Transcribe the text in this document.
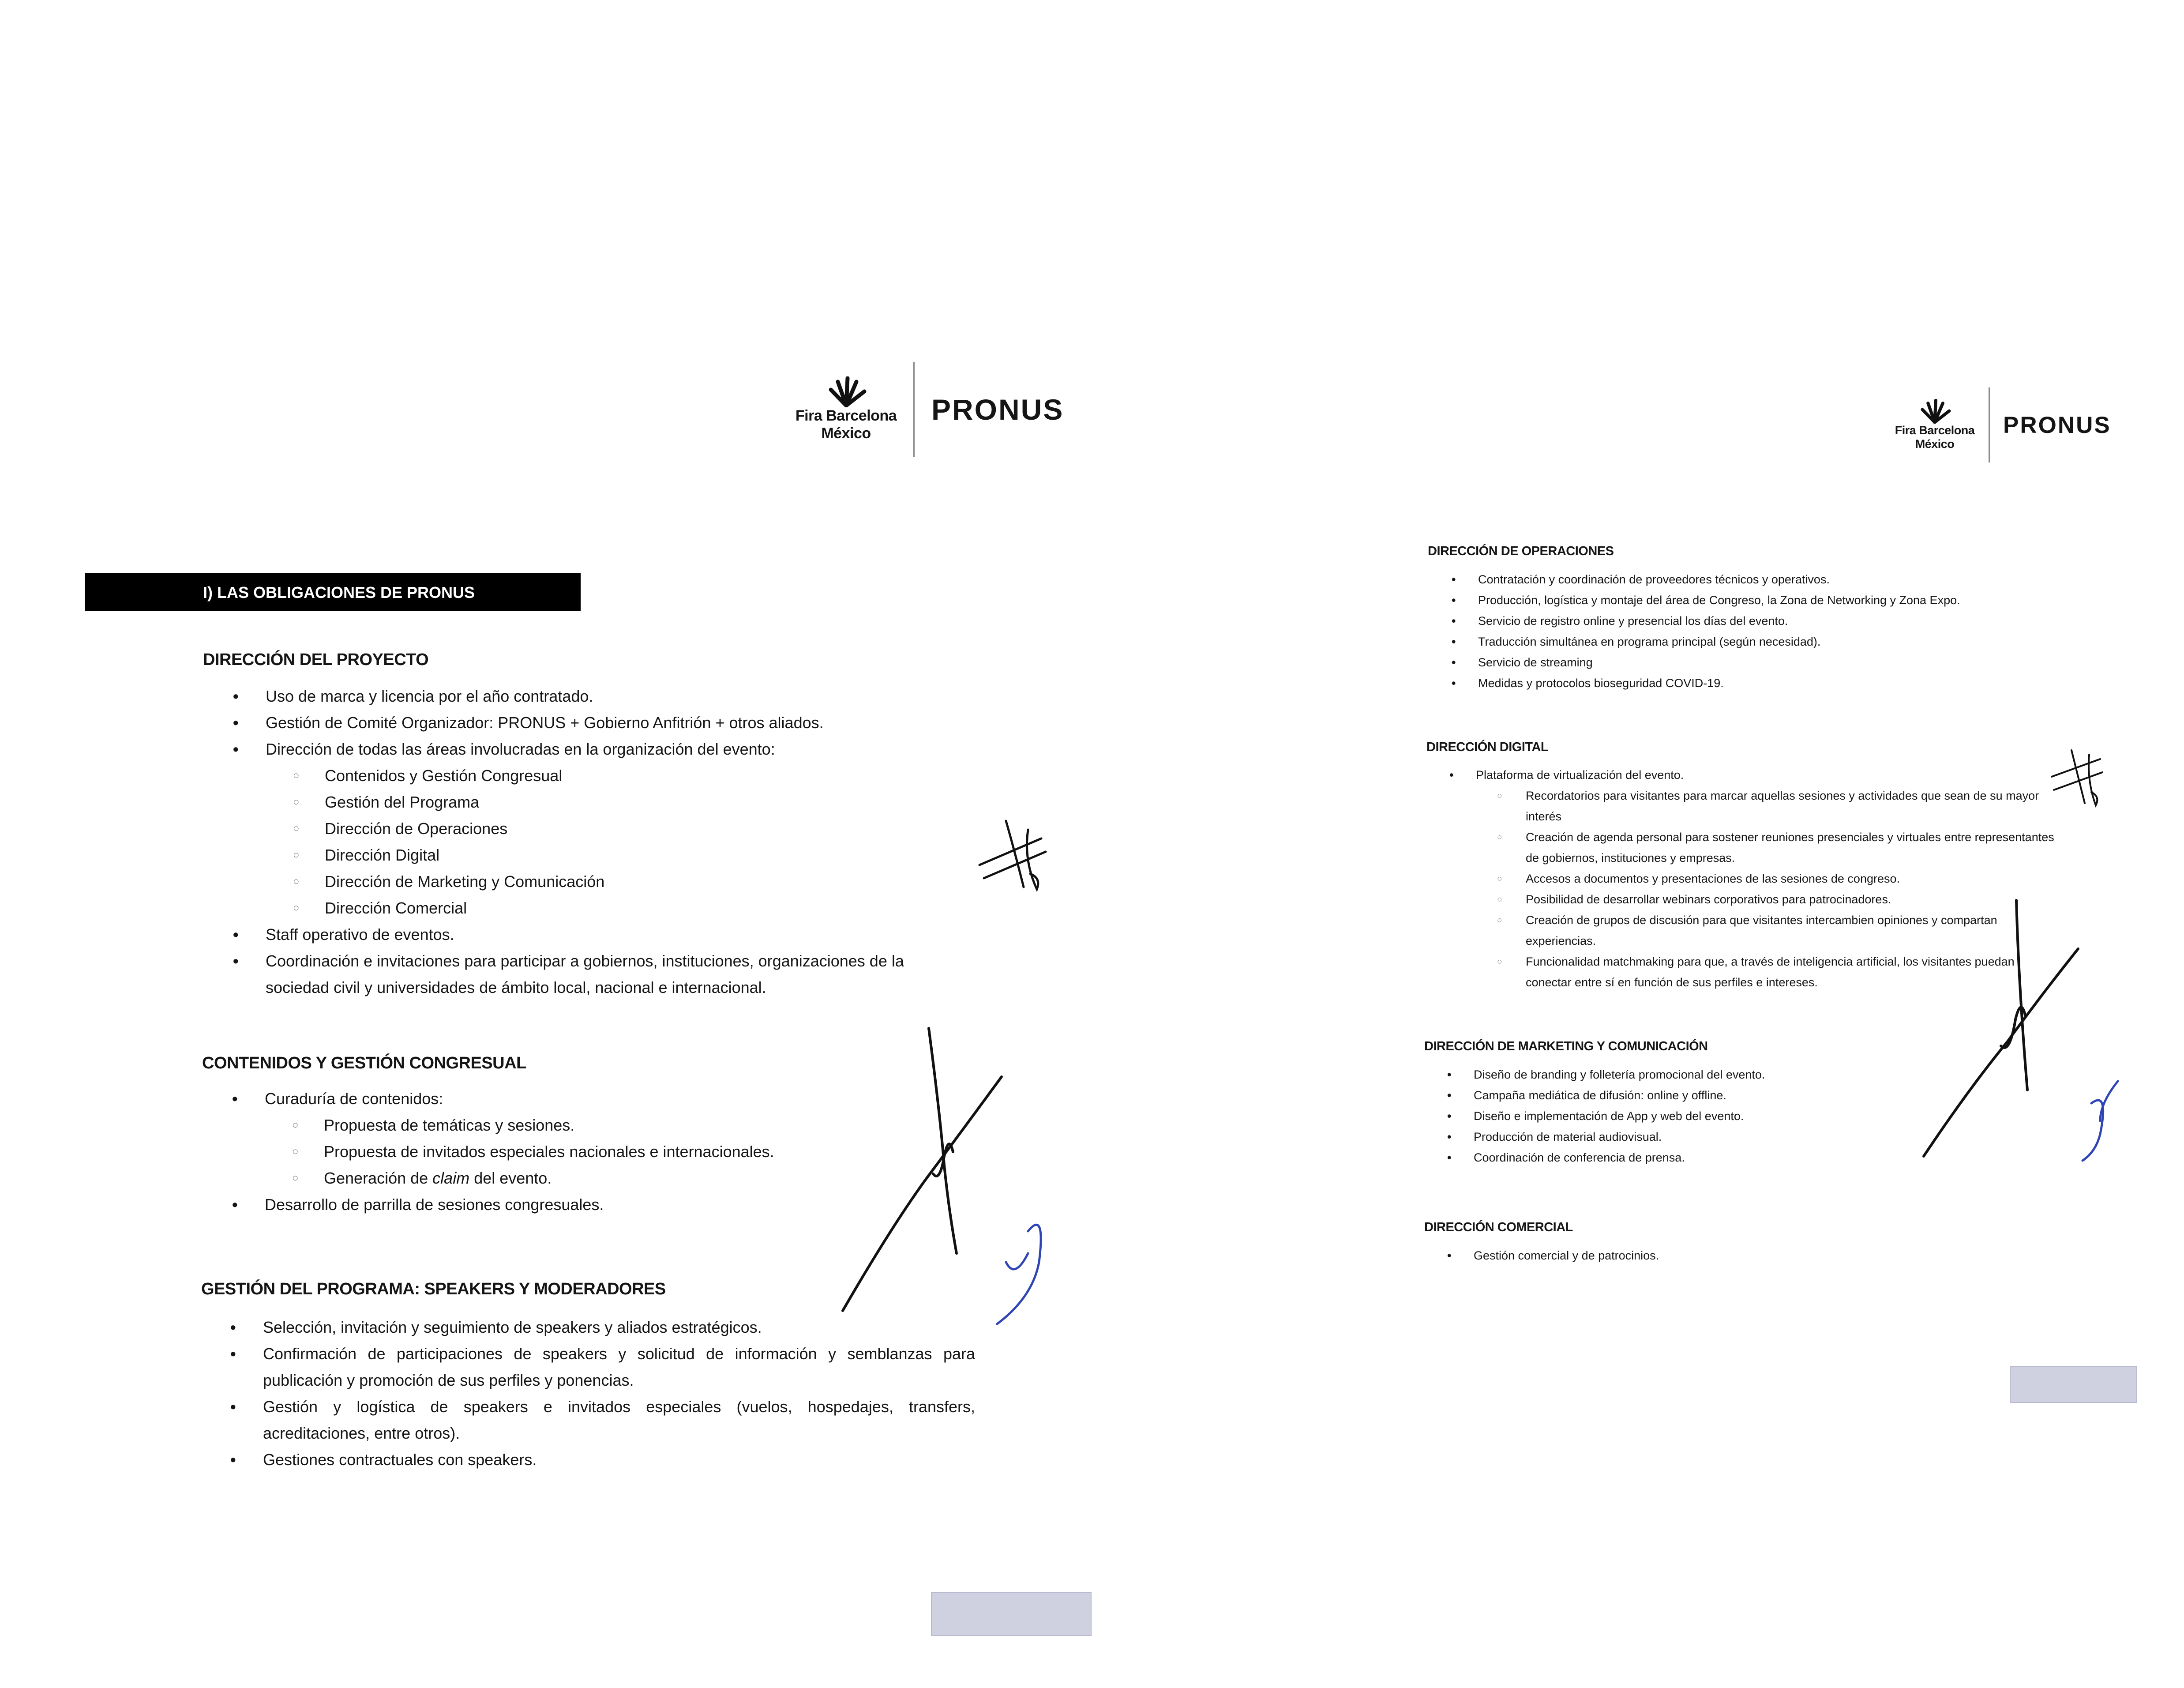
Fira Barcelona
México
PRONUS
Fira Barcelona
México
PRONUS
I) LAS OBLIGACIONES DE PRONUS
DIRECCIÓN DEL PROYECTO
• Uso de marca y licencia por el año contratado.
• Gestión de Comité Organizador: PRONUS + Gobierno Anfitrión + otros aliados.
• Dirección de todas las áreas involucradas en la organización del evento:
○ Contenidos y Gestión Congresual
○ Gestión del Programa
○ Dirección de Operaciones
○ Dirección Digital
○ Dirección de Marketing y Comunicación
○ Dirección Comercial
• Staff operativo de eventos.
• Coordinación e invitaciones para participar a gobiernos, instituciones, organizaciones de la sociedad civil y universidades de ámbito local, nacional e internacional.
CONTENIDOS Y GESTIÓN CONGRESUAL
• Curaduría de contenidos:
○ Propuesta de temáticas y sesiones.
○ Propuesta de invitados especiales nacionales e internacionales.
○ Generación de claim del evento.
• Desarrollo de parrilla de sesiones congresuales.
GESTIÓN DEL PROGRAMA: SPEAKERS Y MODERADORES
• Selección, invitación y seguimiento de speakers y aliados estratégicos.
• Confirmación de participaciones de speakers y solicitud de información y semblanzas para publicación y promoción de sus perfiles y ponencias.
• Gestión y logística de speakers e invitados especiales (vuelos, hospedajes, transfers, acreditaciones, entre otros).
• Gestiones contractuales con speakers.
DIRECCIÓN DE OPERACIONES
• Contratación y coordinación de proveedores técnicos y operativos.
• Producción, logística y montaje del área de Congreso, la Zona de Networking y Zona Expo.
• Servicio de registro online y presencial los días del evento.
• Traducción simultánea en programa principal (según necesidad).
• Servicio de streaming
• Medidas y protocolos bioseguridad COVID-19.
DIRECCIÓN DIGITAL
• Plataforma de virtualización del evento.
○ Recordatorios para visitantes para marcar aquellas sesiones y actividades que sean de su mayor interés
○ Creación de agenda personal para sostener reuniones presenciales y virtuales entre representantes de gobiernos, instituciones y empresas.
○ Accesos a documentos y presentaciones de las sesiones de congreso.
○ Posibilidad de desarrollar webinars corporativos para patrocinadores.
○ Creación de grupos de discusión para que visitantes intercambien opiniones y compartan experiencias.
○ Funcionalidad matchmaking para que, a través de inteligencia artificial, los visitantes puedan conectar entre sí en función de sus perfiles e intereses.
DIRECCIÓN DE MARKETING Y COMUNICACIÓN
• Diseño de branding y folletería promocional del evento.
• Campaña mediática de difusión: online y offline.
• Diseño e implementación de App y web del evento.
• Producción de material audiovisual.
• Coordinación de conferencia de prensa.
DIRECCIÓN COMERCIAL
• Gestión comercial y de patrocinios.
